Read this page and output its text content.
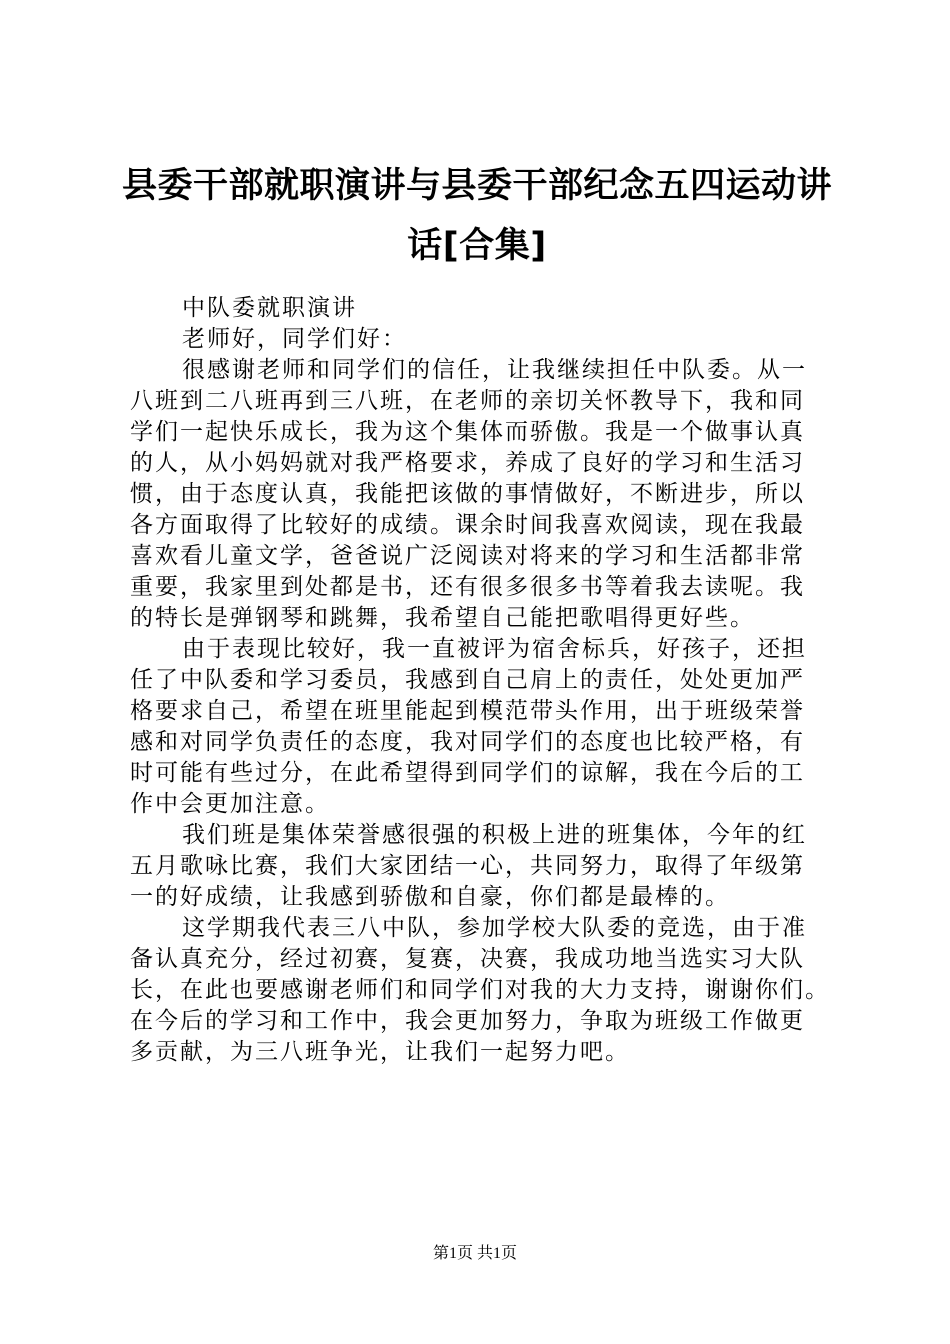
县委干部就职演讲与县委干部纪念五四运动讲
话[合集]
中队委就职演讲
老师好，同学们好：
很感谢老师和同学们的信任，让我继续担任中队委。从一
八班到二八班再到三八班，在老师的亲切关怀教导下，我和同
学们一起快乐成长，我为这个集体而骄傲。我是一个做事认真
的人，从小妈妈就对我严格要求，养成了良好的学习和生活习
惯，由于态度认真，我能把该做的事情做好，不断进步，所以
各方面取得了比较好的成绩。课余时间我喜欢阅读，现在我最
喜欢看儿童文学，爸爸说广泛阅读对将来的学习和生活都非常
重要，我家里到处都是书，还有很多很多书等着我去读呢。我
的特长是弹钢琴和跳舞，我希望自己能把歌唱得更好些。
由于表现比较好，我一直被评为宿舍标兵，好孩子，还担
任了中队委和学习委员，我感到自己肩上的责任，处处更加严
格要求自己，希望在班里能起到模范带头作用，出于班级荣誉
感和对同学负责任的态度，我对同学们的态度也比较严格，有
时可能有些过分，在此希望得到同学们的谅解，我在今后的工
作中会更加注意。
我们班是集体荣誉感很强的积极上进的班集体，今年的红
五月歌咏比赛，我们大家团结一心，共同努力，取得了年级第
一的好成绩，让我感到骄傲和自豪，你们都是最棒的。
这学期我代表三八中队，参加学校大队委的竞选，由于准
备认真充分，经过初赛，复赛，决赛，我成功地当选实习大队
长，在此也要感谢老师们和同学们对我的大力支持，谢谢你们。
在今后的学习和工作中，我会更加努力，争取为班级工作做更
多贡献，为三八班争光，让我们一起努力吧。
第1页 共1页
